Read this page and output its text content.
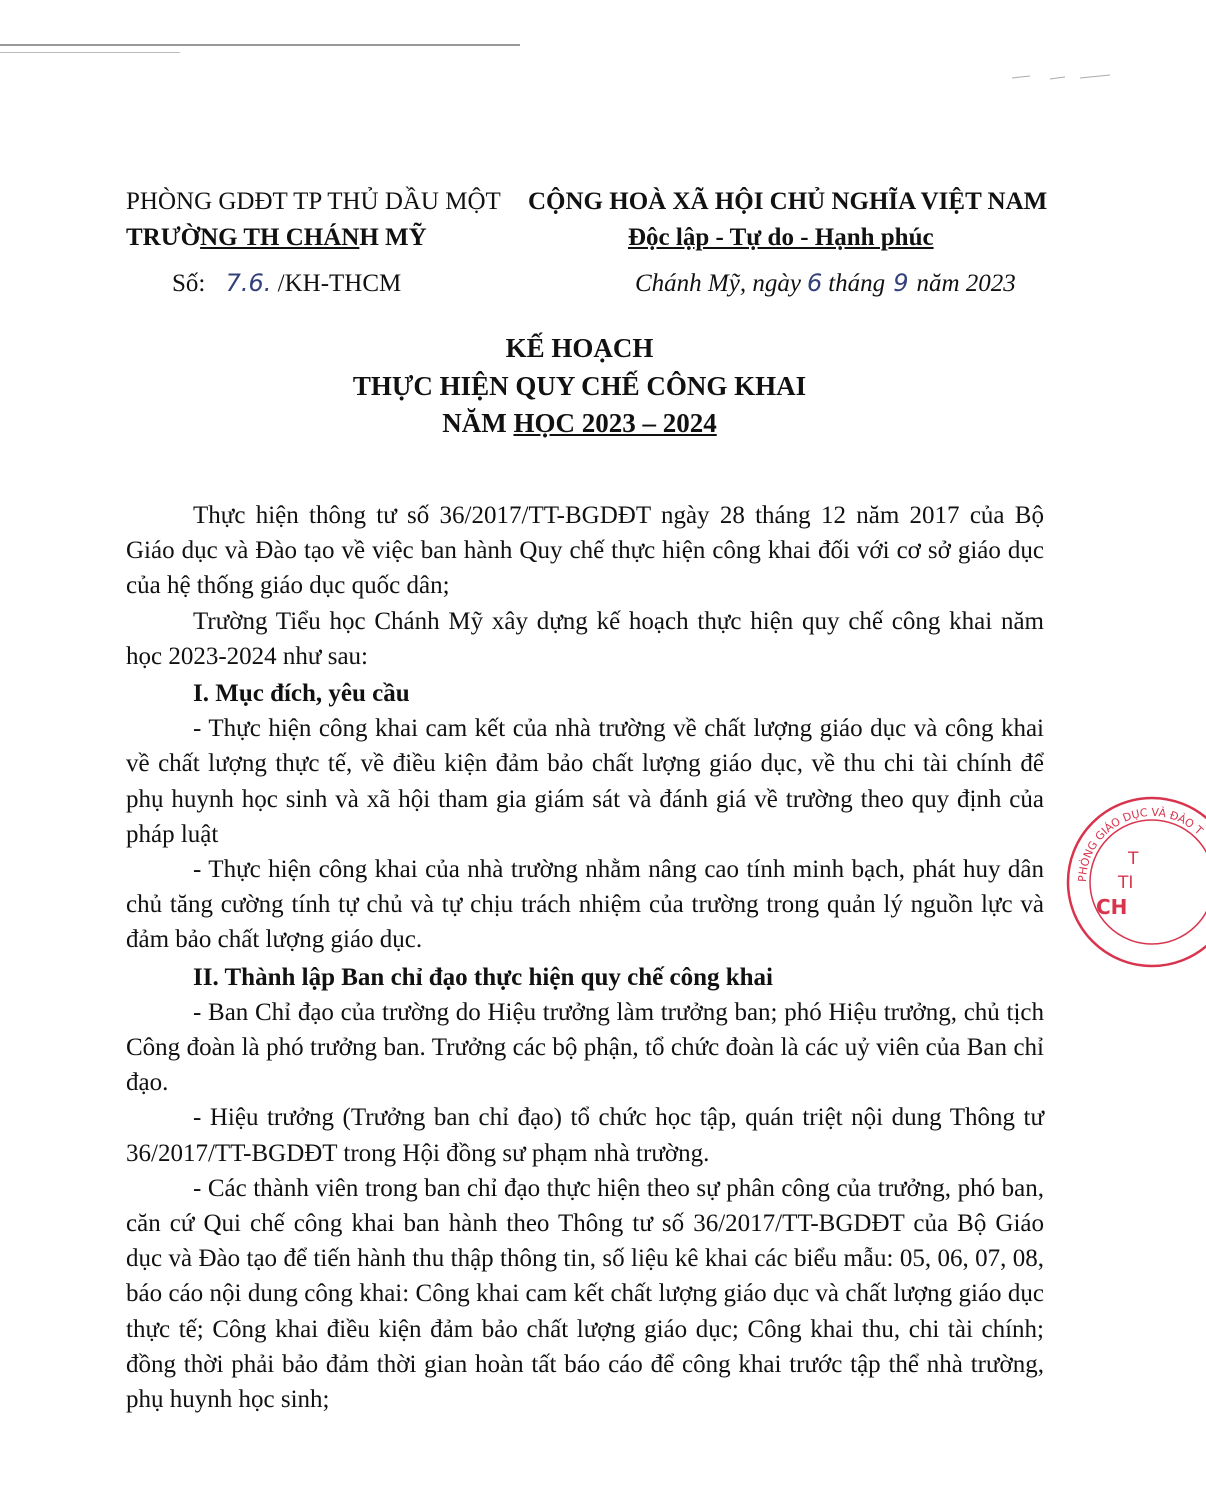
PHÒNG GDĐT TP THỦ DẦU MỘT
TRƯỜNG TH CHÁNH MỸ
Số: 7.6. /KH-THCM
CỘNG HOÀ XÃ HỘI CHỦ NGHĨA VIỆT NAM
Độc lập - Tự do - Hạnh phúc
Chánh Mỹ, ngày 6 tháng 9 năm 2023
KẾ HOẠCH
THỰC HIỆN QUY CHẾ CÔNG KHAI
NĂM HỌC 2023 – 2024

Thực hiện thông tư số 36/2017/TT-BGDĐT ngày 28 tháng 12 năm 2017 của Bộ Giáo dục và Đào tạo về việc ban hành Quy chế thực hiện công khai đối với cơ sở giáo dục của hệ thống giáo dục quốc dân;

Trường Tiểu học Chánh Mỹ xây dựng kế hoạch thực hiện quy chế công khai năm học 2023-2024 như sau:

I. Mục đích, yêu cầu

- Thực hiện công khai cam kết của nhà trường về chất lượng giáo dục và công khai về chất lượng thực tế, về điều kiện đảm bảo chất lượng giáo dục, về thu chi tài chính để phụ huynh học sinh và xã hội tham gia giám sát và đánh giá về trường theo quy định của pháp luật

- Thực hiện công khai của nhà trường nhằm nâng cao tính minh bạch, phát huy dân chủ tăng cường tính tự chủ và tự chịu trách nhiệm của trường trong quản lý nguồn lực và đảm bảo chất lượng giáo dục.

II. Thành lập Ban chỉ đạo thực hiện quy chế công khai

- Ban Chỉ đạo của trường do Hiệu trưởng làm trưởng ban; phó Hiệu trưởng, chủ tịch Công đoàn là phó trưởng ban. Trưởng các bộ phận, tổ chức đoàn là các uỷ viên của Ban chỉ đạo.

- Hiệu trưởng (Trưởng ban chỉ đạo) tổ chức học tập, quán triệt nội dung Thông tư 36/2017/TT-BGDĐT trong Hội đồng sư phạm nhà trường.

- Các thành viên trong ban chỉ đạo thực hiện theo sự phân công của trưởng, phó ban, căn cứ Qui chế công khai ban hành theo Thông tư số 36/2017/TT-BGDĐT của Bộ Giáo dục và Đào tạo để tiến hành thu thập thông tin, số liệu kê khai các biểu mẫu: 05, 06, 07, 08, báo cáo nội dung công khai: Công khai cam kết chất lượng giáo dục và chất lượng giáo dục thực tế; Công khai điều kiện đảm bảo chất lượng giáo dục; Công khai thu, chi tài chính; đồng thời phải bảo đảm thời gian hoàn tất báo cáo để công khai trước tập thể nhà trường, phụ huynh học sinh;

PHÒNG GIÁO DỤC VÀ ĐÀO T
T
TI
CH
